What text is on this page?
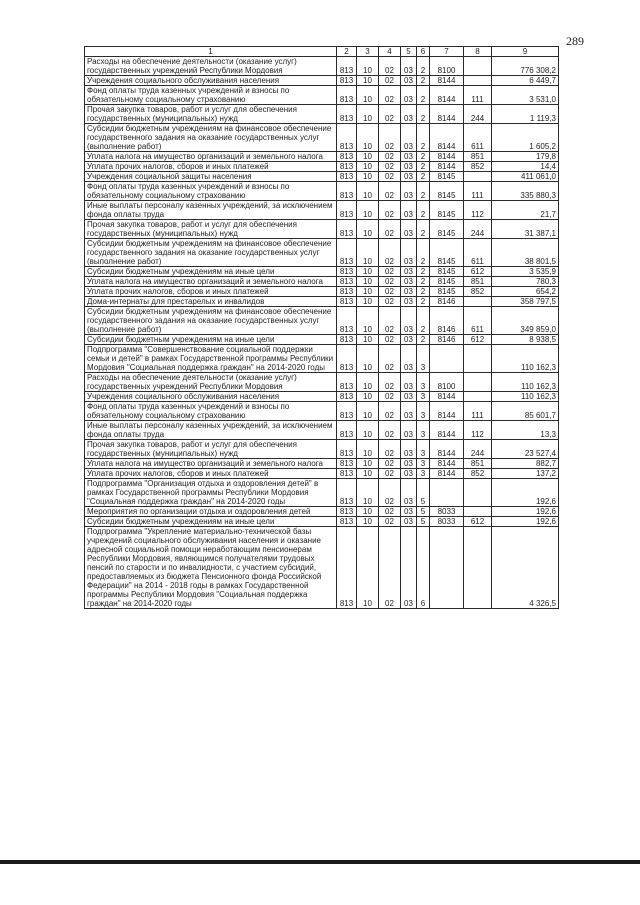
289
1	2	3	4	5	6	7	8	9
Расходы на обеспечение деятельности (оказание услуг) государственных учреждений Республики Мордовия	813	10	02	03	2	8100		776 308,2
Учреждения социального обслуживания населения	813	10	02	03	2	8144		6 449,7
Фонд оплаты труда казенных учреждений и взносы по обязательному социальному страхованию	813	10	02	03	2	8144	111	3 531,0
Прочая закупка товаров, работ и услуг для обеспечения государственных (муниципальных) нужд	813	10	02	03	2	8144	244	1 119,3
Субсидии бюджетным учреждениям на финансовое обеспечение государственного задания на оказание государственных услуг (выполнение работ)	813	10	02	03	2	8144	611	1 605,2
Уплата налога на имущество организаций и земельного налога	813	10	02	03	2	8144	851	179,8
Уплата прочих налогов, сборов и иных платежей	813	10	02	03	2	8144	852	14,4
Учреждения социальной защиты населения	813	10	02	03	2	8145		411 061,0
Фонд оплаты труда казенных учреждений и взносы по обязательному социальному страхованию	813	10	02	03	2	8145	111	335 880,3
Иные выплаты персоналу казенных учреждений, за исключением фонда оплаты труда	813	10	02	03	2	8145	112	21,7
Прочая закупка товаров, работ и услуг для обеспечения государственных (муниципальных) нужд	813	10	02	03	2	8145	244	31 387,1
Субсидии бюджетным учреждениям на финансовое обеспечение государственного задания на оказание государственных услуг (выполнение работ)	813	10	02	03	2	8145	611	38 801,5
Субсидии бюджетным учреждениям на иные цели	813	10	02	03	2	8145	612	3 535,9
Уплата налога на имущество организаций и земельного налога	813	10	02	03	2	8145	851	780,3
Уплата прочих налогов, сборов и иных платежей	813	10	02	03	2	8145	852	654,2
Дома-интернаты для престарелых и инвалидов	813	10	02	03	2	8146		358 797,5
Субсидии бюджетным учреждениям на финансовое обеспечение государственного задания на оказание государственных услуг (выполнение работ)	813	10	02	03	2	8146	611	349 859,0
Субсидии бюджетным учреждениям на иные цели	813	10	02	03	2	8146	612	8 938,5
Подпрограмма "Совершенствование социальной поддержки семьи и детей" в рамках Государственной программы Республики Мордовия "Социальная поддержка граждан" на 2014-2020 годы	813	10	02	03	3			110 162,3
Расходы на обеспечение деятельности (оказание услуг) государственных учреждений Республики Мордовия	813	10	02	03	3	8100		110 162,3
Учреждения социального обслуживания населения	813	10	02	03	3	8144		110 162,3
Фонд оплаты труда казенных учреждений и взносы по обязательному социальному страхованию	813	10	02	03	3	8144	111	85 601,7
Иные выплаты персоналу казенных учреждений, за исключением фонда оплаты труда	813	10	02	03	3	8144	112	13,3
Прочая закупка товаров, работ и услуг для обеспечения государственных (муниципальных) нужд	813	10	02	03	3	8144	244	23 527,4
Уплата налога на имущество организаций и земельного налога	813	10	02	03	3	8144	851	882,7
Уплата прочих налогов, сборов и иных платежей	813	10	02	03	3	8144	852	137,2
Подпрограмма "Организация отдыха и оздоровления детей" в рамках Государственной программы Республики Мордовия "Социальная поддержка граждан" на 2014-2020 годы	813	10	02	03	5			192,6
Мероприятия по организации отдыха и оздоровления детей	813	10	02	03	5	8033		192,6
Субсидии бюджетным учреждениям на иные цели	813	10	02	03	5	8033	612	192,6
Подпрограмма "Укрепление материально-технической базы учреждений социального обслуживания населения и оказание адресной социальной помощи неработающим пенсионерам Республики Мордовия, являющимся получателями трудовых пенсий по старости и по инвалидности, с участием субсидий, предоставляемых из бюджета Пенсионного фонда Российской Федерации" на 2014 - 2018 годы в рамках Государственной программы Республики Мордовия "Социальная поддержка граждан" на 2014-2020 годы	813	10	02	03	6			4 326,5
